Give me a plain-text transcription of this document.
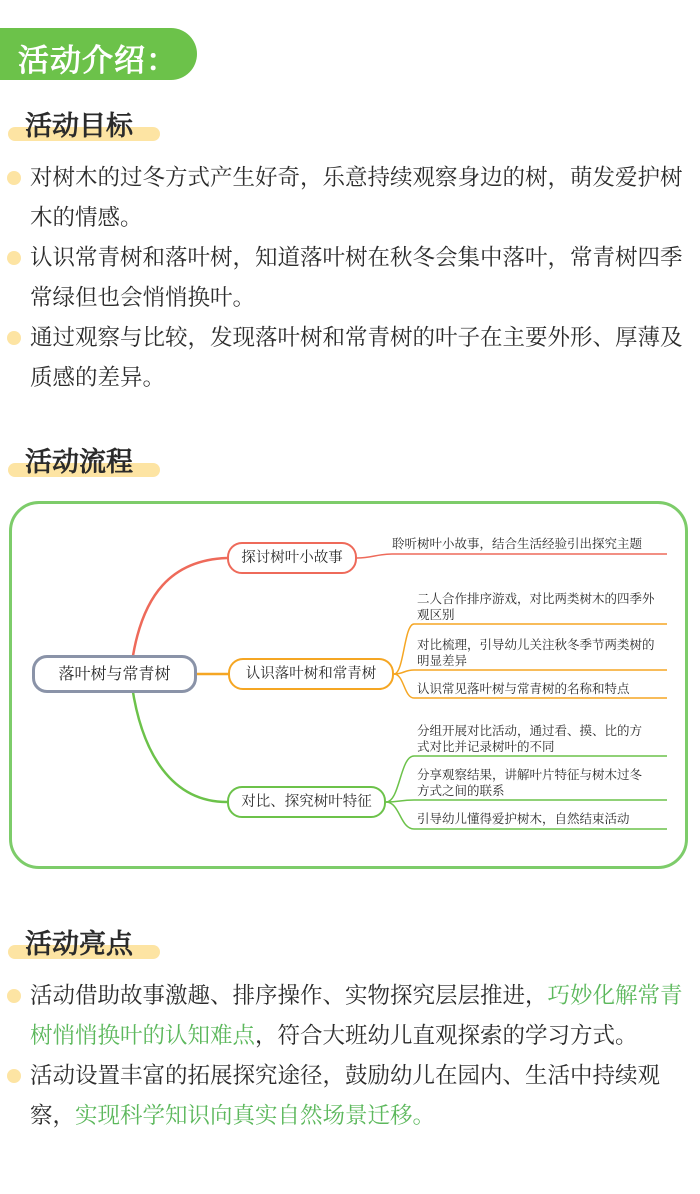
活动介绍：
活动目标
对树木的过冬方式产生好奇，乐意持续观察身边的树，萌发爱护树木的情感。
认识常青树和落叶树，知道落叶树在秋冬会集中落叶，常青树四季常绿但也会悄悄换叶。
通过观察与比较，发现落叶树和常青树的叶子在主要外形、厚薄及质感的差异。
活动流程
落叶树与常青树
探讨树叶小故事
认识落叶树和常青树
对比、探究树叶特征
聆听树叶小故事，结合生活经验引出探究主题
二人合作排序游戏，对比两类树木的四季外观区别
对比梳理，引导幼儿关注秋冬季节两类树的明显差异
认识常见落叶树与常青树的名称和特点
分组开展对比活动，通过看、摸、比的方式对比并记录树叶的不同
分享观察结果，讲解叶片特征与树木过冬方式之间的联系
引导幼儿懂得爱护树木，自然结束活动
活动亮点
活动借助故事激趣、排序操作、实物探究层层推进，巧妙化解常青树悄悄换叶的认知难点，符合大班幼儿直观探索的学习方式。
活动设置丰富的拓展探究途径，鼓励幼儿在园内、生活中持续观察，实现科学知识向真实自然场景迁移。
